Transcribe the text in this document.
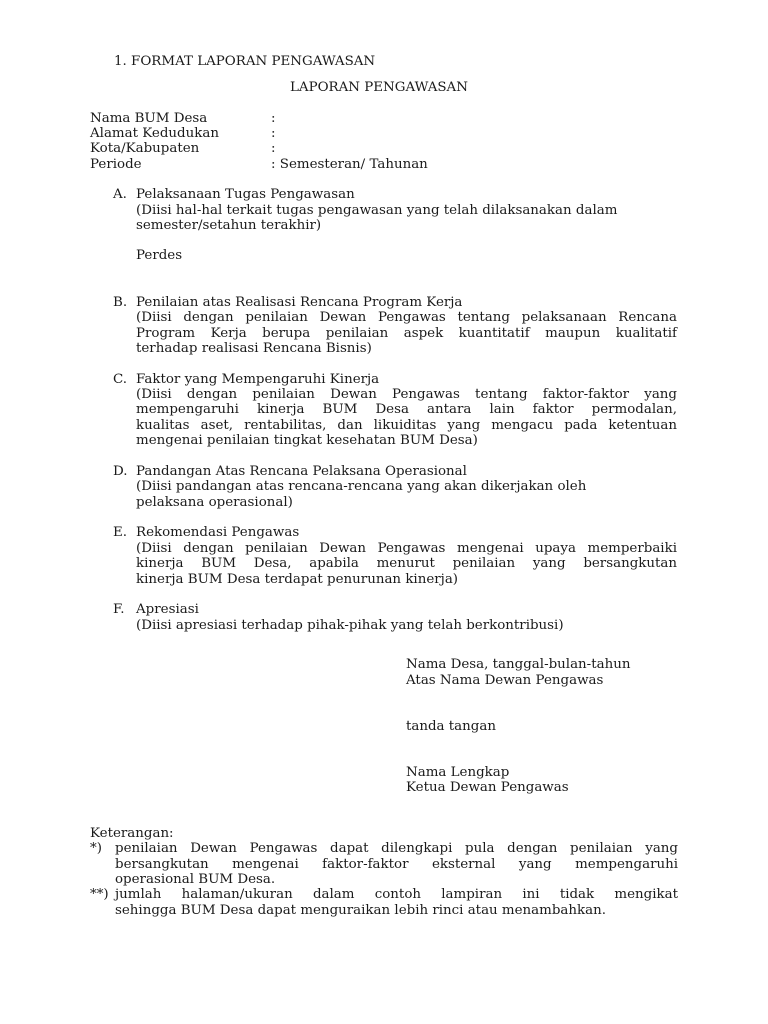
1. FORMAT LAPORAN PENGAWASAN
LAPORAN PENGAWASAN
Nama BUM Desa	:
Alamat Kedudukan	:
Kota/Kabupaten	:
Periode	: Semesteran/ Tahunan
A. Pelaksanaan Tugas Pengawasan
(Diisi hal-hal terkait tugas pengawasan yang telah dilaksanakan dalam
semester/setahun terakhir)
Perdes
B. Penilaian atas Realisasi Rencana Program Kerja
(Diisi dengan penilaian Dewan Pengawas tentang pelaksanaan Rencana
Program Kerja berupa penilaian aspek kuantitatif maupun kualitatif
terhadap realisasi Rencana Bisnis)
C. Faktor yang Mempengaruhi Kinerja
(Diisi dengan penilaian Dewan Pengawas tentang faktor-faktor yang
mempengaruhi kinerja BUM Desa antara lain faktor permodalan,
kualitas aset, rentabilitas, dan likuiditas yang mengacu pada ketentuan
mengenai penilaian tingkat kesehatan BUM Desa)
D. Pandangan Atas Rencana Pelaksana Operasional
(Diisi pandangan atas rencana-rencana yang akan dikerjakan oleh
pelaksana operasional)
E. Rekomendasi Pengawas
(Diisi dengan penilaian Dewan Pengawas mengenai upaya memperbaiki
kinerja BUM Desa, apabila menurut penilaian yang bersangkutan
kinerja BUM Desa terdapat penurunan kinerja)
F. Apresiasi
(Diisi apresiasi terhadap pihak-pihak yang telah berkontribusi)
Nama Desa, tanggal-bulan-tahun
Atas Nama Dewan Pengawas
tanda tangan
Nama Lengkap
Ketua Dewan Pengawas
Keterangan:
*) penilaian Dewan Pengawas dapat dilengkapi pula dengan penilaian yang
bersangkutan mengenai faktor-faktor eksternal yang mempengaruhi
operasional BUM Desa.
**) jumlah halaman/ukuran dalam contoh lampiran ini tidak mengikat
sehingga BUM Desa dapat menguraikan lebih rinci atau menambahkan.
